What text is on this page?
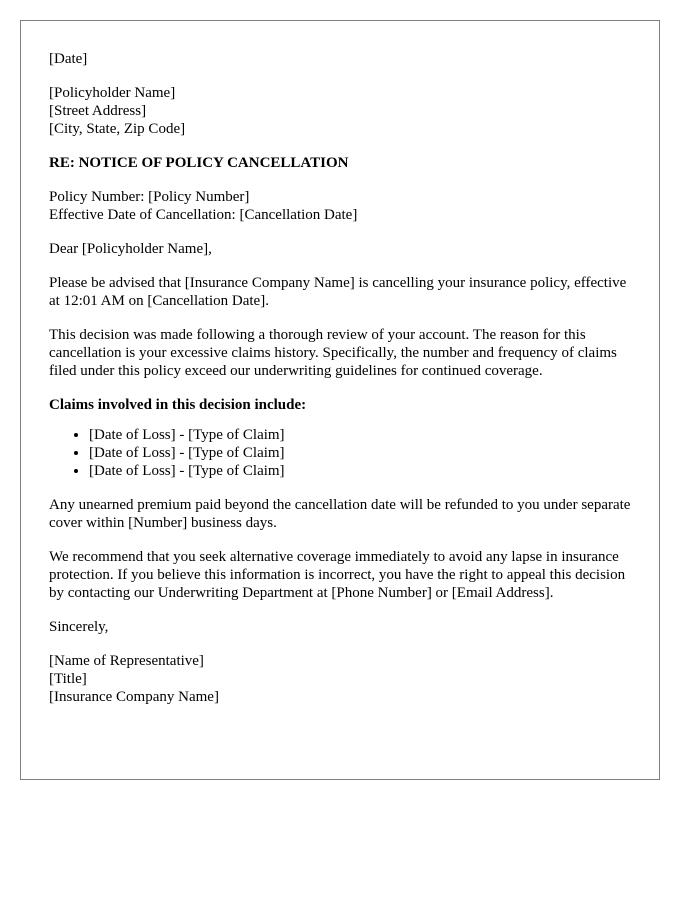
[Date]

[Policyholder Name]
[Street Address]
[City, State, Zip Code]

RE: NOTICE OF POLICY CANCELLATION

Policy Number: [Policy Number]
Effective Date of Cancellation: [Cancellation Date]

Dear [Policyholder Name],

Please be advised that [Insurance Company Name] is cancelling your insurance policy, effective at 12:01 AM on [Cancellation Date].

This decision was made following a thorough review of your account. The reason for this cancellation is your excessive claims history. Specifically, the number and frequency of claims filed under this policy exceed our underwriting guidelines for continued coverage.

Claims involved in this decision include:

• [Date of Loss] - [Type of Claim]
• [Date of Loss] - [Type of Claim]
• [Date of Loss] - [Type of Claim]

Any unearned premium paid beyond the cancellation date will be refunded to you under separate cover within [Number] business days.

We recommend that you seek alternative coverage immediately to avoid any lapse in insurance protection. If you believe this information is incorrect, you have the right to appeal this decision by contacting our Underwriting Department at [Phone Number] or [Email Address].

Sincerely,

[Name of Representative]
[Title]
[Insurance Company Name]
